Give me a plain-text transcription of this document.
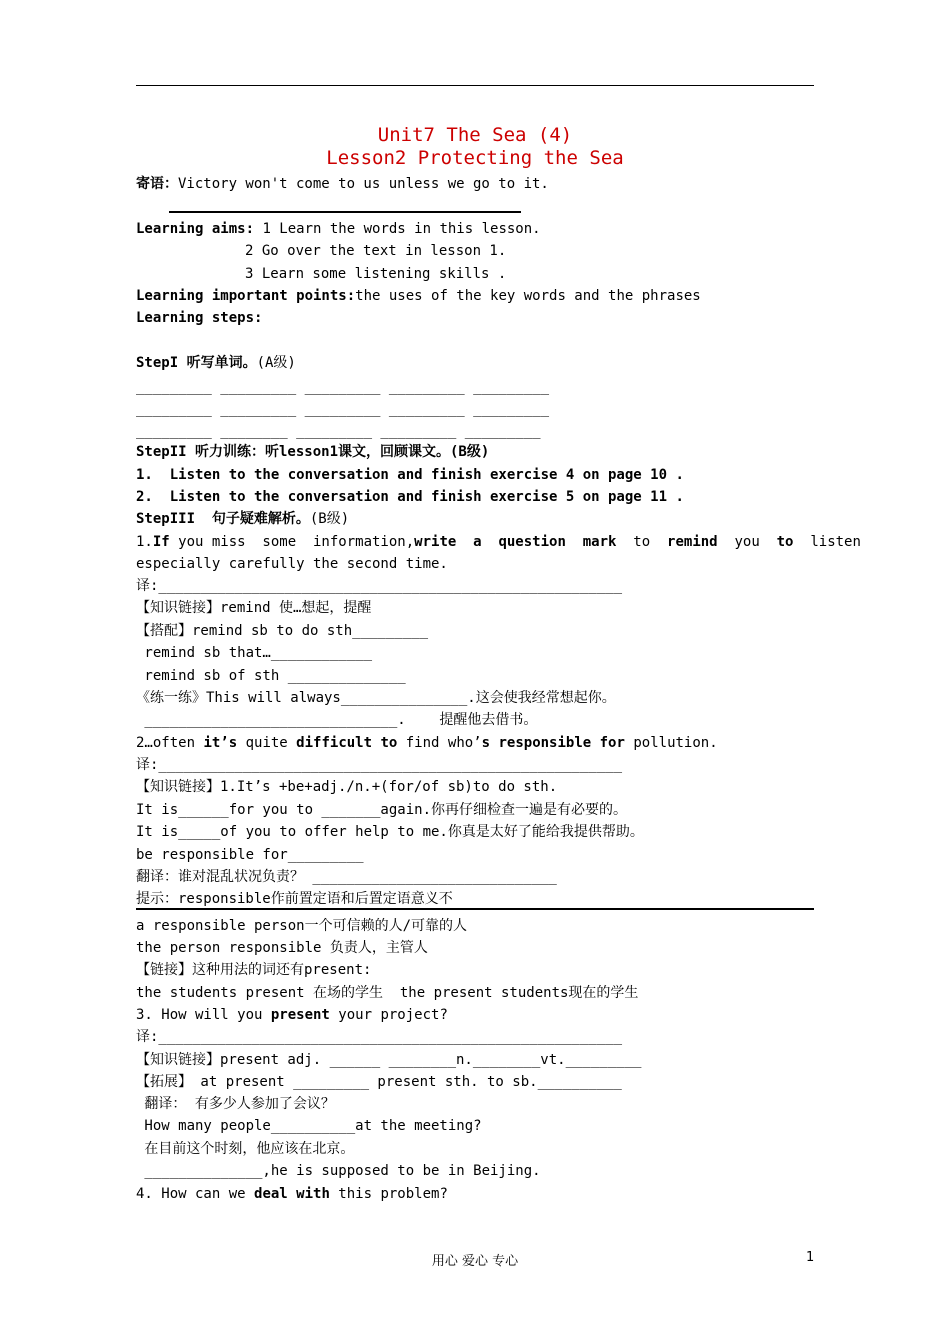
Unit7 The Sea (4)
Lesson2 Protecting the Sea
寄语：Victory won't come to us unless we go to it.
Learning aims: 1 Learn the words in this lesson.
2 Go over the text in lesson 1.
3 Learn some listening skills .
Learning important points:the uses of the key words and the phrases
Learning steps:
StepI 听写单词。(A级)
_________ _________ _________ _________ _________
_________ _________ _________ _________ _________
_________ ________ _________ _________ _________
StepII 听力训练：听lesson1课文，回顾课文。(B级)
1.  Listen to the conversation and finish exercise 4 on page 10 .
2.  Listen to the conversation and finish exercise 5 on page 11 .
StepIII  句子疑难解析。(B级)
1.If you miss  some  information,write  a  question  mark  to  remind  you  to  listen
especially carefully the second time.
译:_______________________________________________________
【知识链接】remind 使…想起，提醒
【搭配】remind sb to do sth_________
remind sb that…____________
remind sb of sth ______________
《练一练》This will always_______________.这会使我经常想起你。
______________________________.    提醒他去借书。
2…often it’s quite difficult to find who’s responsible for pollution.
译:_______________________________________________________
【知识链接】1.It’s +be+adj./n.+(for/of sb)to do sth.
It is______for you to _______again.你再仔细检查一遍是有必要的。
It is_____of you to offer help to me.你真是太好了能给我提供帮助。
be responsible for_________
翻译：谁对混乱状况负责？ _____________________________
提示：responsible作前置定语和后置定语意义不
a responsible person一个可信赖的人/可靠的人
the person responsible 负责人，主管人
【链接】这种用法的词还有present:
the students present 在场的学生  the present students现在的学生
3. How will you present your project?
译:_______________________________________________________
【知识链接】present adj. ______ ________n.________vt._________
【拓展】 at present _________ present sth. to sb.__________
翻译： 有多少人参加了会议？
How many people__________at the meeting?
在目前这个时刻，他应该在北京。
______________,he is supposed to be in Beijing.
4. How can we deal with this problem?
用心 爱心 专心	1
